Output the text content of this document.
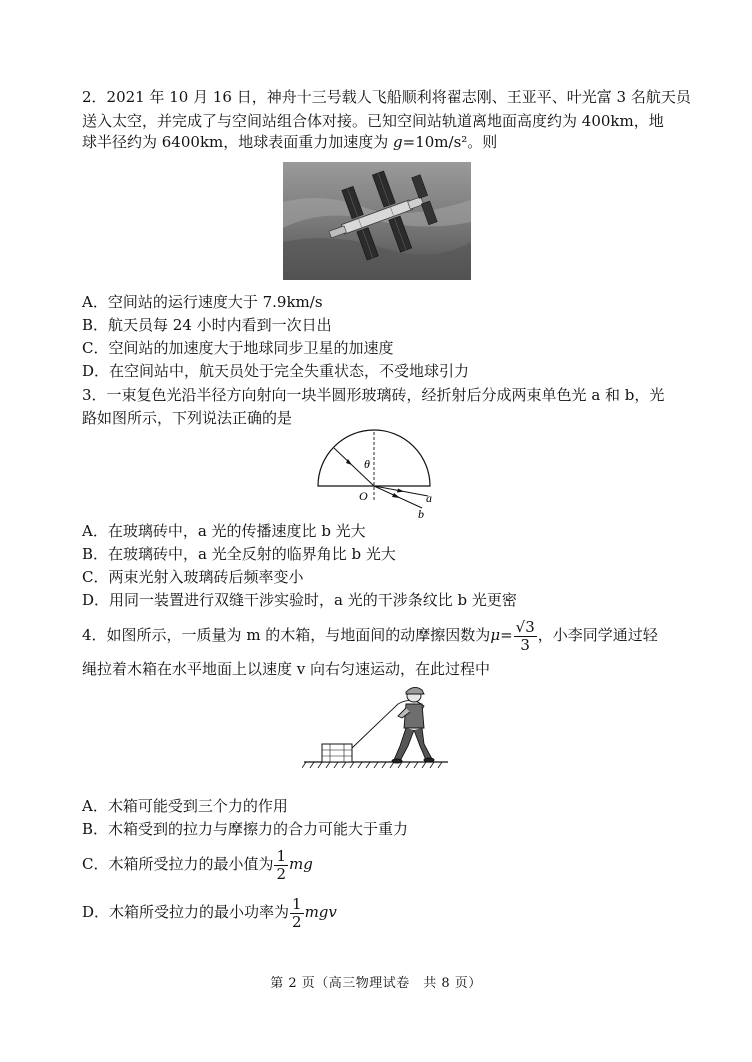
2．2021 年 10 月 16 日，神舟十三号载人飞船顺利将翟志刚、王亚平、叶光富 3 名航天员
送入太空，并完成了与空间站组合体对接。已知空间站轨道离地面高度约为 400km，地
球半径约为 6400km，地球表面重力加速度为 g=10m/s²。则
A．空间站的运行速度大于 7.9km/s
B．航天员每 24 小时内看到一次日出
C．空间站的加速度大于地球同步卫星的加速度
D．在空间站中，航天员处于完全失重状态，不受地球引力
3．一束复色光沿半径方向射向一块半圆形玻璃砖，经折射后分成两束单色光 a 和 b，光
路如图所示，下列说法正确的是
θ
O	a
b
A．在玻璃砖中，a 光的传播速度比 b 光大
B．在玻璃砖中，a 光全反射的临界角比 b 光大
C．两束光射入玻璃砖后频率变小
D．用同一装置进行双缝干涉实验时，a 光的干涉条纹比 b 光更密
4．如图所示，一质量为 m 的木箱，与地面间的动摩擦因数为$\mu= \frac{√3}{3}$ ，小李同学通过轻
绳拉着木箱在水平地面上以速度 v 向右匀速运动，在此过程中
A．木箱可能受到三个力的作用
B．木箱受到的拉力与摩擦力的合力可能大于重力
C．木箱所受拉力的最小值为 $\frac{1}{2}$ mg
D．木箱所受拉力的最小功率为 $\frac{1}{2}$ mgv
第 2 页（高三物理试卷　共 8 页）
